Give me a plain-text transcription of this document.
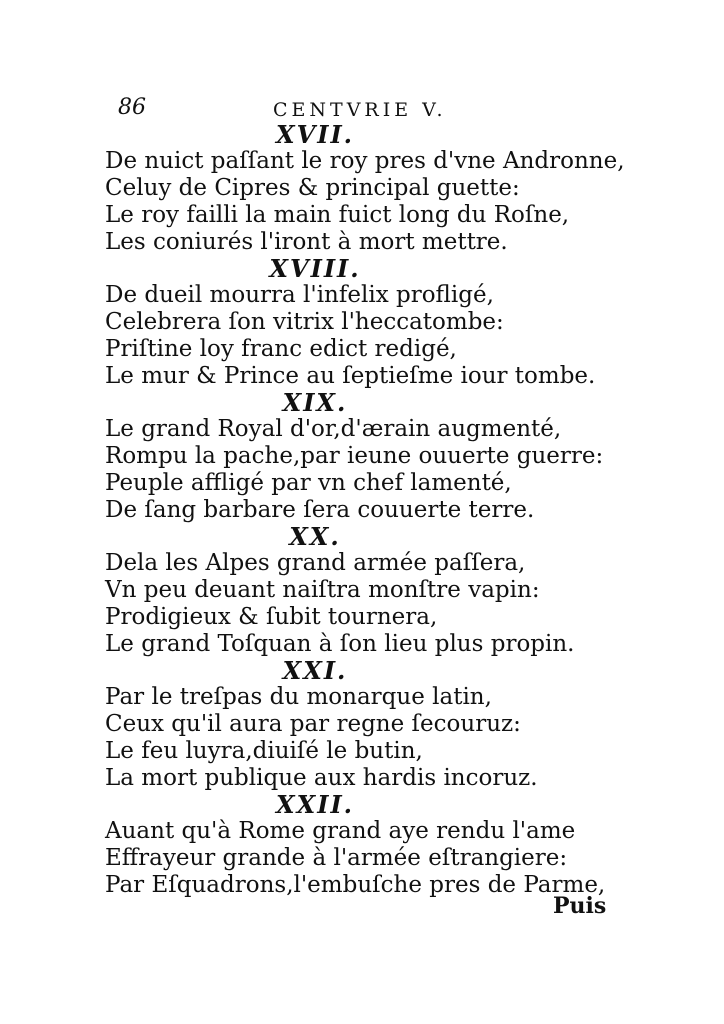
86	CENTVRIE V.
XVII.
De nuict paſſant le roy pres d'vne Andronne,
Celuy de Cipres & principal guette:
Le roy failli la main fuict long du Roſne,
Les coniurés l'iront à mort mettre.
XVIII.
De dueil mourra l'infelix profligé,
Celebrera ſon vitrix l'heccatombe:
Priſtine loy franc edict redigé,
Le mur & Prince au ſeptieſme iour tombe.
XIX.
Le grand Royal d'or,d'ærain augmenté,
Rompu la pache,par ieune ouuerte guerre:
Peuple affligé par vn chef lamenté,
De ſang barbare ſera couuerte terre.
XX.
Dela les Alpes grand armée paſſera,
Vn peu deuant naiſtra monſtre vapin:
Prodigieux & ſubit tournera,
Le grand Toſquan à ſon lieu plus propin.
XXI.
Par le treſpas du monarque latin,
Ceux qu'il aura par regne ſecouruz:
Le feu luyra,diuiſé le butin,
La mort publique aux hardis incoruz.
XXII.
Auant qu'à Rome grand aye rendu l'ame
Effrayeur grande à l'armée eſtrangiere:
Par Eſquadrons,l'embuſche pres de Parme,
Puis
